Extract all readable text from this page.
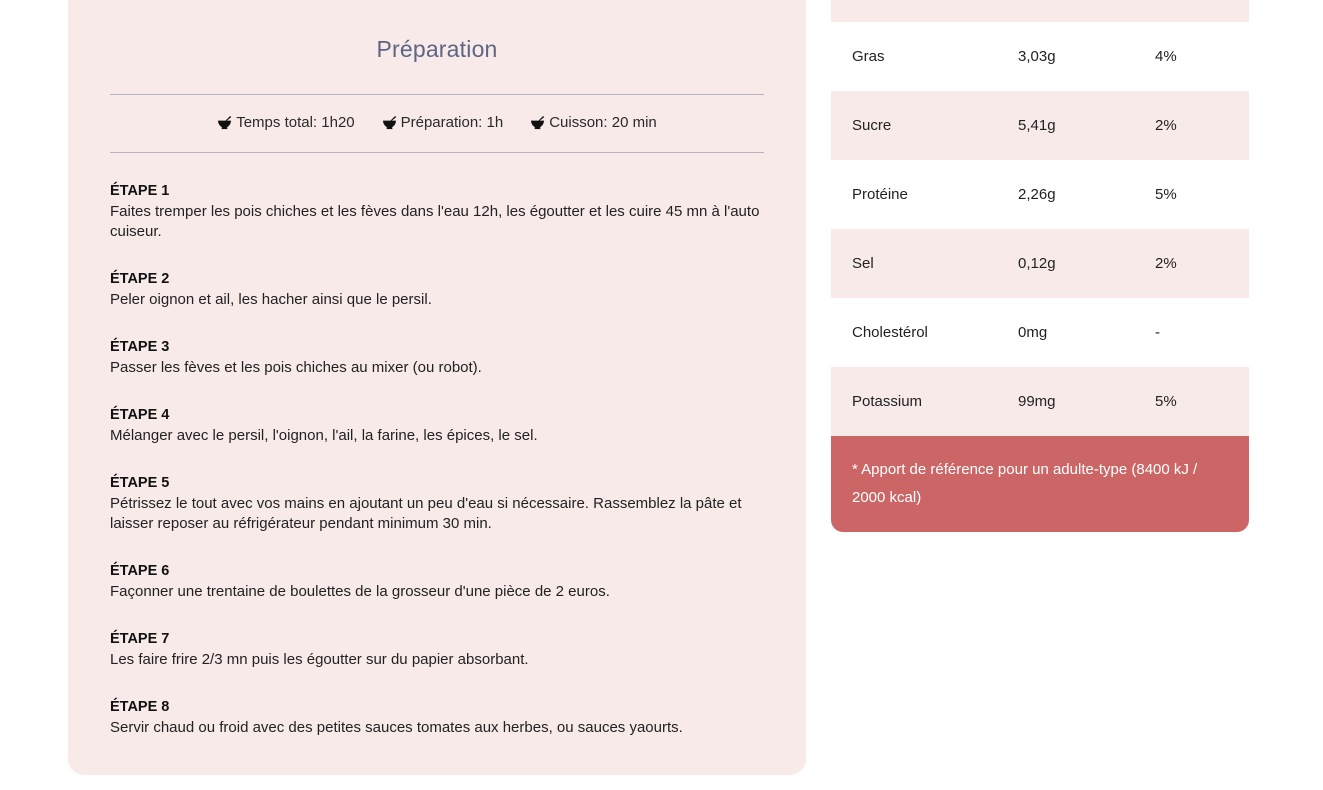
Préparation
Temps total: 1h20	Préparation: 1h	Cuisson: 20 min
ÉTAPE 1
Faites tremper les pois chiches et les fèves dans l'eau 12h, les égoutter et les cuire 45 mn à l'auto cuiseur.
ÉTAPE 2
Peler oignon et ail, les hacher ainsi que le persil.
ÉTAPE 3
Passer les fèves et les pois chiches au mixer (ou robot).
ÉTAPE 4
Mélanger avec le persil, l'oignon, l'ail, la farine, les épices, le sel.
ÉTAPE 5
Pétrissez le tout avec vos mains en ajoutant un peu d'eau si nécessaire. Rassemblez la pâte et laisser reposer au réfrigérateur pendant minimum 30 min.
ÉTAPE 6
Façonner une trentaine de boulettes de la grosseur d'une pièce de 2 euros.
ÉTAPE 7
Les faire frire 2/3 mn puis les égoutter sur du papier absorbant.
ÉTAPE 8
Servir chaud ou froid avec des petites sauces tomates aux herbes, ou sauces yaourts.
Gras	3,03g	4%
Sucre	5,41g	2%
Protéine	2,26g	5%
Sel	0,12g	2%
Cholestérol	0mg	-
Potassium	99mg	5%
* Apport de référence pour un adulte-type (8400 kJ / 2000 kcal)
